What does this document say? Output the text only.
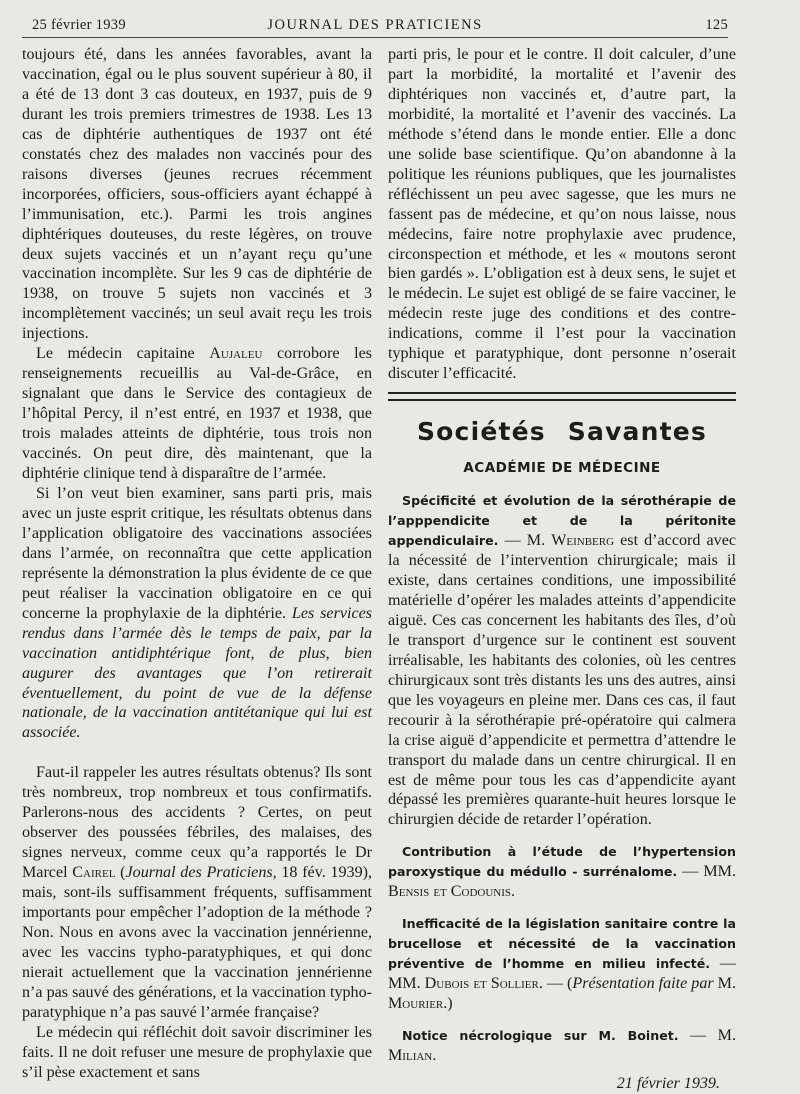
25 février 1939	JOURNAL DES PRATICIENS	125

toujours été, dans les années favorables, avant la vaccination, égal ou le plus souvent supérieur à 80, il a été de 13 dont 3 cas douteux, en 1937, puis de 9 durant les trois premiers trimestres de 1938. Les 13 cas de diphtérie authentiques de 1937 ont été constatés chez des malades non vaccinés pour des raisons diverses (jeunes recrues récemment incorporées, officiers, sous-officiers ayant échappé à l’immunisation, etc.). Parmi les trois angines diphtériques douteuses, du reste légères, on trouve deux sujets vaccinés et un n’ayant reçu qu’une vaccination incomplète. Sur les 9 cas de diphtérie de 1938, on trouve 5 sujets non vaccinés et 3 incomplètement vaccinés; un seul avait reçu les trois injections.

Le médecin capitaine Aujaleu corrobore les renseignements recueillis au Val-de-Grâce, en signalant que dans le Service des contagieux de l’hôpital Percy, il n’est entré, en 1937 et 1938, que trois malades atteints de diphtérie, tous trois non vaccinés. On peut dire, dès maintenant, que la diphtérie clinique tend à disparaître de l’armée.

Si l’on veut bien examiner, sans parti pris, mais avec un juste esprit critique, les résultats obtenus dans l’application obligatoire des vaccinations associées dans l’armée, on reconnaîtra que cette application représente la démonstration la plus évidente de ce que peut réaliser la vaccination obligatoire en ce qui concerne la prophylaxie de la diphtérie. Les services rendus dans l’armée dès le temps de paix, par la vaccination antidiphtérique font, de plus, bien augurer des avantages que l’on retirerait éventuellement, du point de vue de la défense nationale, de la vaccination antitétanique qui lui est associée.

Faut-il rappeler les autres résultats obtenus? Ils sont très nombreux, trop nombreux et tous confirmatifs. Parlerons-nous des accidents ? Certes, on peut observer des poussées fébriles, des malaises, des signes nerveux, comme ceux qu’a rapportés le Dr Marcel Cairel (Journal des Praticiens, 18 fév. 1939), mais, sont-ils suffisamment fréquents, suffisamment importants pour empêcher l’adoption de la méthode ? Non. Nous en avons avec la vaccination jennérienne, avec les vaccins typho-paratyphiques, et qui donc nierait actuellement que la vaccination jennérienne n’a pas sauvé des générations, et la vaccination typho-paratyphique n’a pas sauvé l’armée française?

Le médecin qui réfléchit doit savoir discriminer les faits. Il ne doit refuser une mesure de prophylaxie que s’il pèse exactement et sans

parti pris, le pour et le contre. Il doit calculer, d’une part la morbidité, la mortalité et l’avenir des diphtériques non vaccinés et, d’autre part, la morbidité, la mortalité et l’avenir des vaccinés. La méthode s’étend dans le monde entier. Elle a donc une solide base scientifique. Qu’on abandonne à la politique les réunions publiques, que les journalistes réfléchissent un peu avec sagesse, que les murs ne fassent pas de médecine, et qu’on nous laisse, nous médecins, faire notre prophylaxie avec prudence, circonspection et méthode, et les « moutons seront bien gardés ». L’obligation est à deux sens, le sujet et le médecin. Le sujet est obligé de se faire vacciner, le médecin reste juge des conditions et des contre-indications, comme il l’est pour la vaccination typhique et paratyphique, dont personne n’oserait discuter l’efficacité.

Sociétés Savantes
ACADÉMIE DE MÉDECINE

Spécificité et évolution de la sérothérapie de l’apppendicite et de la péritonite appendiculaire. — M. Weinberg est d’accord avec la nécessité de l’intervention chirurgicale; mais il existe, dans certaines conditions, une impossibilité matérielle d’opérer les malades atteints d’appendicite aiguë. Ces cas concernent les habitants des îles, d’où le transport d’urgence sur le continent est souvent irréalisable, les habitants des colonies, où les centres chirurgicaux sont très distants les uns des autres, ainsi que les voyageurs en pleine mer. Dans ces cas, il faut recourir à la sérothérapie pré-opératoire qui calmera la crise aiguë d’appendicite et permettra d’attendre le transport du malade dans un centre chirurgical. Il en est de même pour tous les cas d’appendicite ayant dépassé les premières quarante-huit heures lorsque le chirurgien décide de retarder l’opération.

Contribution à l’étude de l’hypertension paroxystique du médullo - surrénalome. — MM. Bensis et Codounis.

Inefficacité de la législation sanitaire contre la brucellose et nécessité de la vaccination préventive de l’homme en milieu infecté. — MM. Dubois et Sollier. — (Présentation faite par M. Mourier.)

Notice nécrologique sur M. Boinet. — M. Milian.

21 février 1939.
